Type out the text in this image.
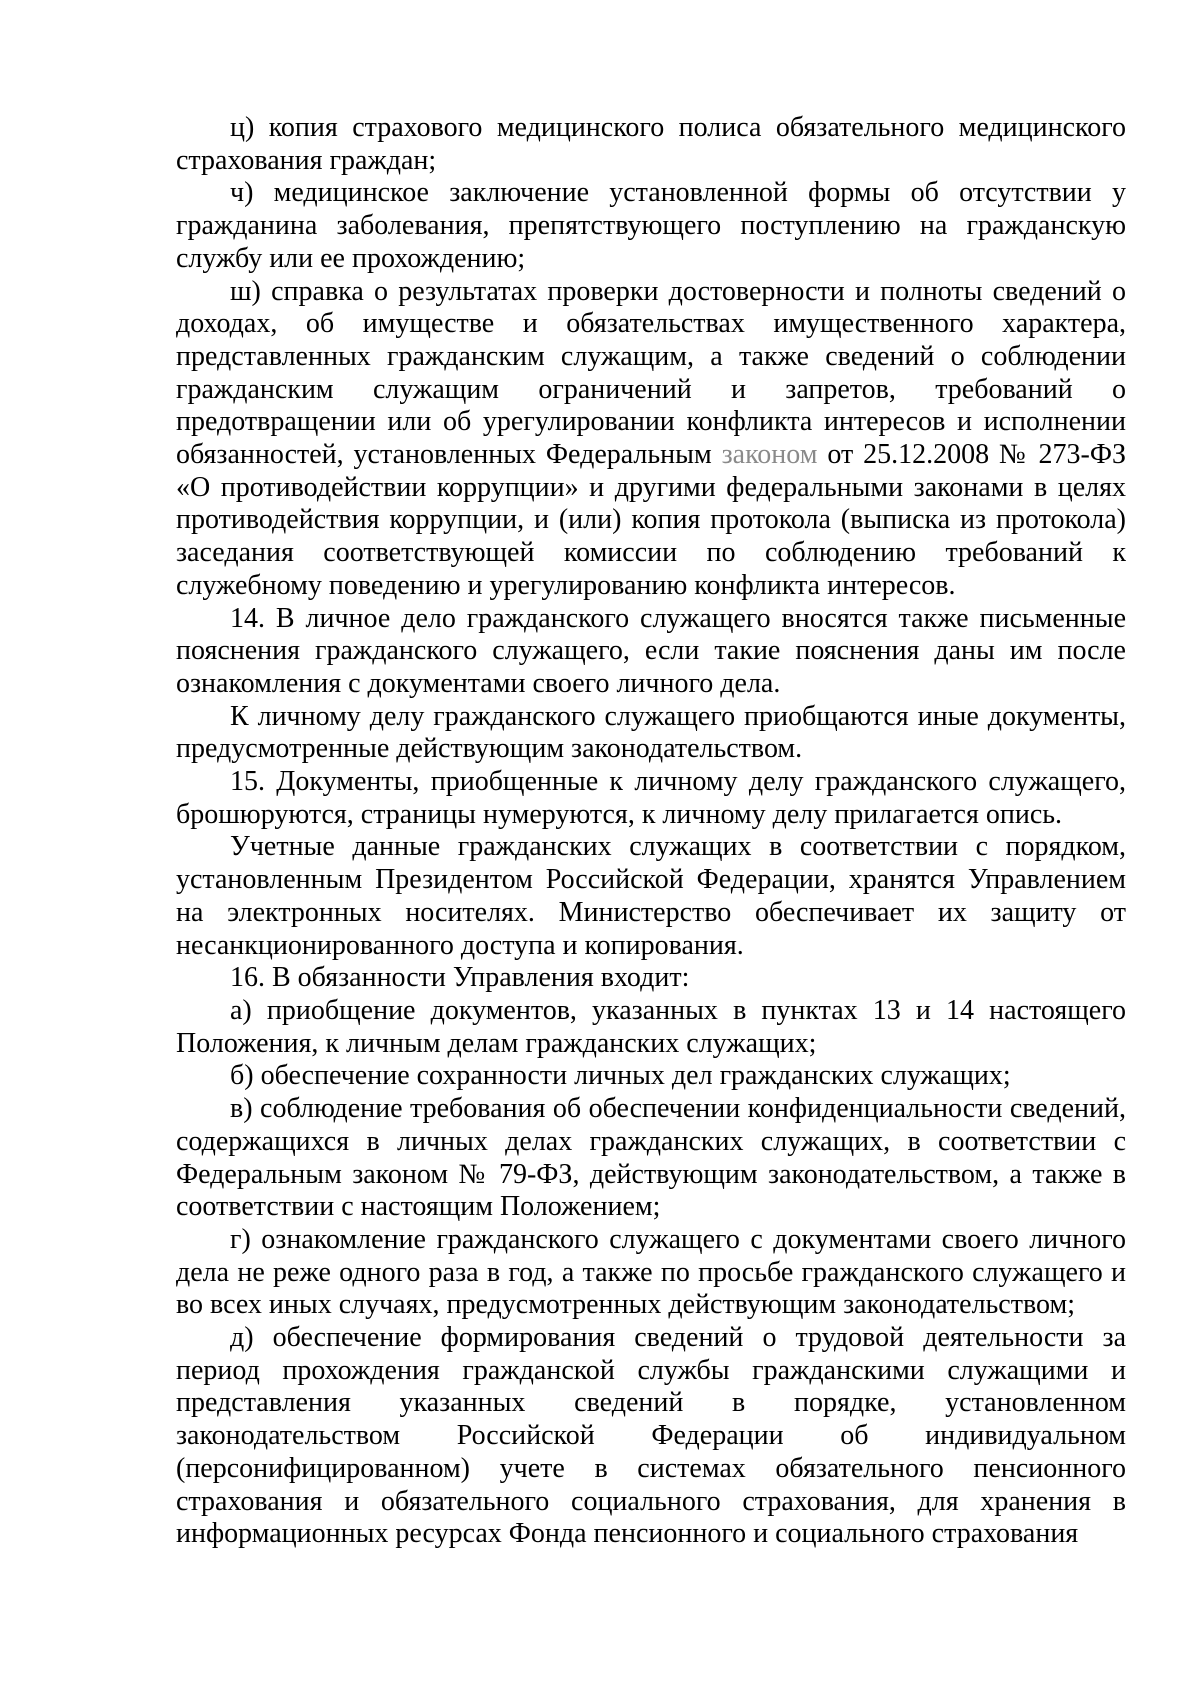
ц) копия страхового медицинского полиса обязательного медицинского страхования граждан;

ч) медицинское заключение установленной формы об отсутствии у гражданина заболевания, препятствующего поступлению на гражданскую службу или ее прохождению;

ш) справка о результатах проверки достоверности и полноты сведений о доходах, об имуществе и обязательствах имущественного характера, представленных гражданским служащим, а также сведений о соблюдении гражданским служащим ограничений и запретов, требований о предотвращении или об урегулировании конфликта интересов и исполнении обязанностей, установленных Федеральным законом от 25.12.2008 № 273-ФЗ «О противодействии коррупции» и другими федеральными законами в целях противодействия коррупции, и (или) копия протокола (выписка из протокола) заседания соответствующей комиссии по соблюдению требований к служебному поведению и урегулированию конфликта интересов.

14. В личное дело гражданского служащего вносятся также письменные пояснения гражданского служащего, если такие пояснения даны им после ознакомления с документами своего личного дела.

К личному делу гражданского служащего приобщаются иные документы, предусмотренные действующим законодательством.

15. Документы, приобщенные к личному делу гражданского служащего, брошюруются, страницы нумеруются, к личному делу прилагается опись.

Учетные данные гражданских служащих в соответствии с порядком, установленным Президентом Российской Федерации, хранятся Управлением на электронных носителях. Министерство обеспечивает их защиту от несанкционированного доступа и копирования.

16. В обязанности Управления входит:

а) приобщение документов, указанных в пунктах 13 и 14 настоящего Положения, к личным делам гражданских служащих;

б) обеспечение сохранности личных дел гражданских служащих;

в) соблюдение требования об обеспечении конфиденциальности сведений, содержащихся в личных делах гражданских служащих, в соответствии с Федеральным законом № 79-ФЗ, действующим законодательством, а также в соответствии с настоящим Положением;

г) ознакомление гражданского служащего с документами своего личного дела не реже одного раза в год, а также по просьбе гражданского служащего и во всех иных случаях, предусмотренных действующим законодательством;

д) обеспечение формирования сведений о трудовой деятельности за период прохождения гражданской службы гражданскими служащими и представления указанных сведений в порядке, установленном законодательством Российской Федерации об индивидуальном (персонифицированном) учете в системах обязательного пенсионного страхования и обязательного социального страхования, для хранения в информационных ресурсах Фонда пенсионного и социального страхования
